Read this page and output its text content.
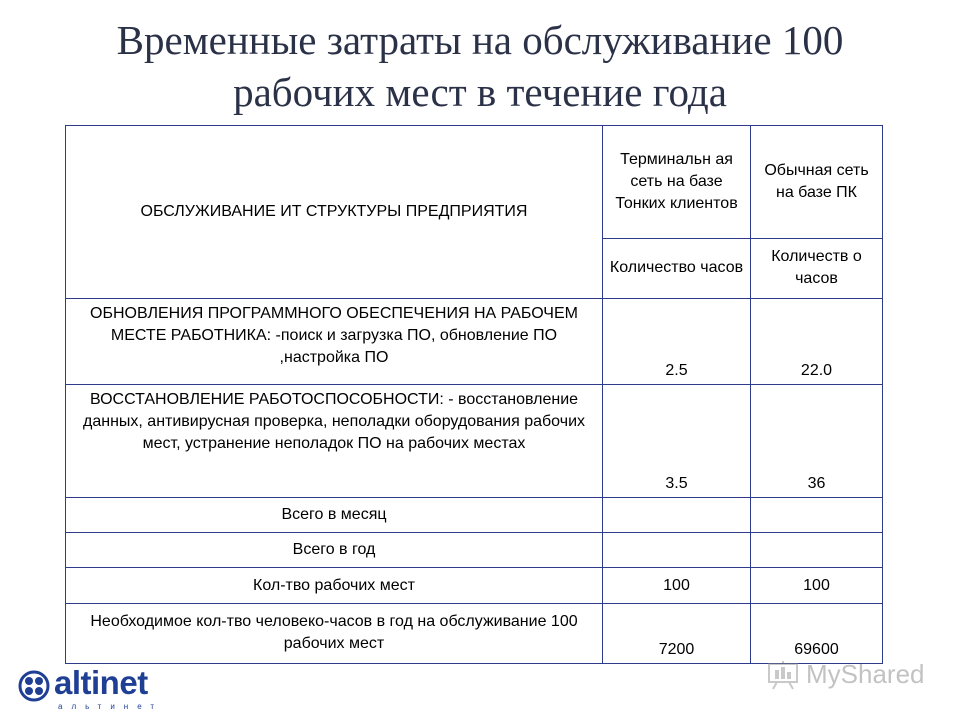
Временные затраты на обслуживание 100
рабочих мест в течение года
ОБСЛУЖИВАНИЕ ИТ СТРУКТУРЫ ПРЕДПРИЯТИЯ	Терминальн ая сеть на базе Тонких клиентов	Обычная сеть на базе ПК
	Количество часов	Количеств о часов
ОБНОВЛЕНИЯ ПРОГРАММНОГО ОБЕСПЕЧЕНИЯ НА РАБОЧЕМ МЕСТЕ РАБОТНИКА: -поиск и загрузка ПО, обновление ПО ,настройка ПО	2.5	22.0
ВОССТАНОВЛЕНИЕ РАБОТОСПОСОБНОСТИ: - восстановление данных, антивирусная проверка, неполадки оборудования рабочих мест, устранение неполадок ПО на рабочих местах	3.5	36
Всего в месяц		
Всего в год		
Кол-тво рабочих мест	100	100
Необходимое кол-тво человеко-часов в год на обслуживание 100 рабочих мест	7200	69600
altinet
альтинет
MyShared
